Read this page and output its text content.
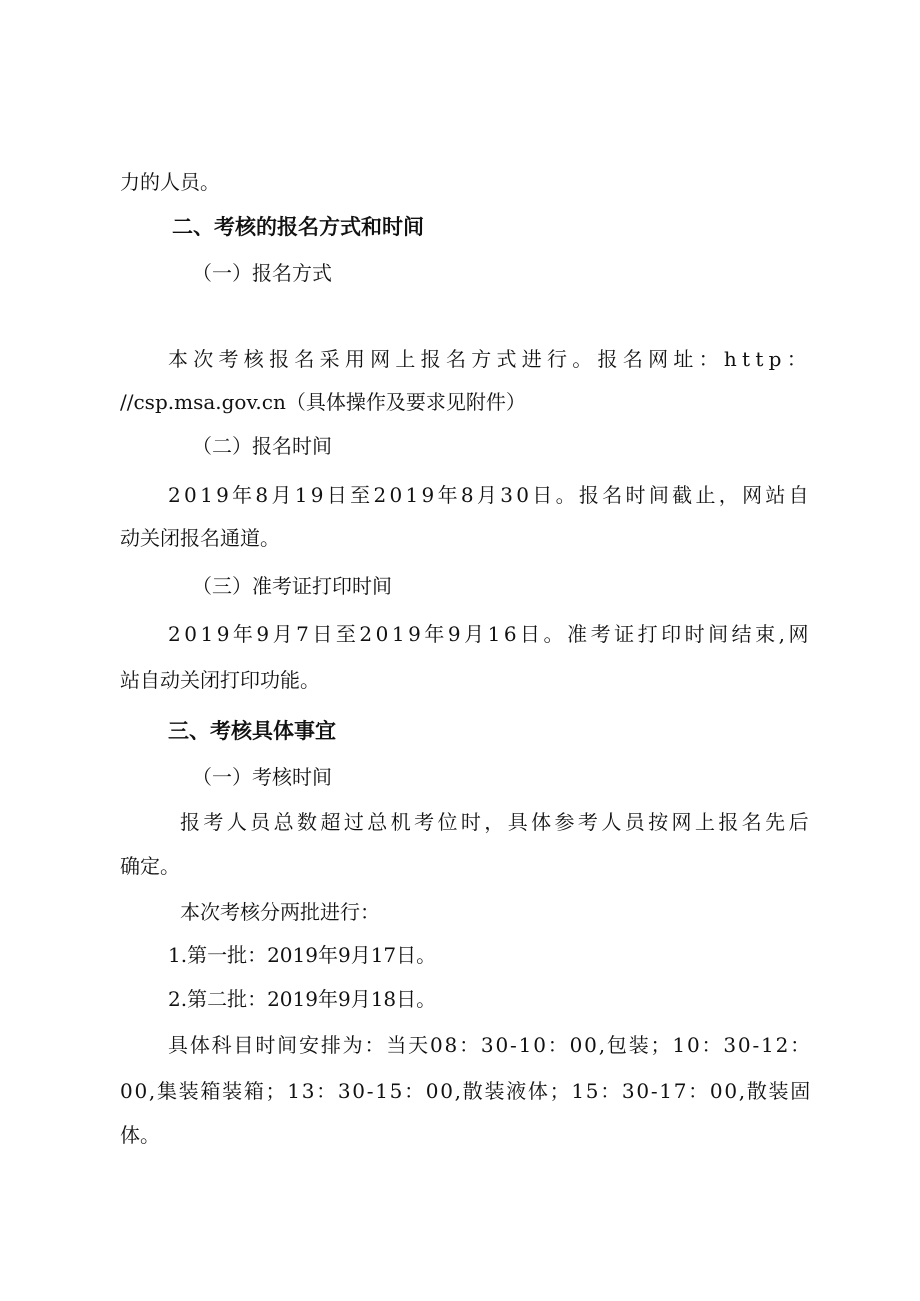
力的人员。

二、考核的报名方式和时间

（一）报名方式

本次考核报名采用网上报名方式进行。报名网址：http：

//csp.msa.gov.cn（具体操作及要求见附件）

（二）报名时间

2019年8月19日至2019年8月30日。报名时间截止，网站自

动关闭报名通道。

（三）准考证打印时间

2019年9月7日至2019年9月16日。准考证打印时间结束,网

站自动关闭打印功能。

三、考核具体事宜

（一）考核时间

报考人员总数超过总机考位时，具体参考人员按网上报名先后

确定。

本次考核分两批进行：

1.第一批：2019年9月17日。

2.第二批：2019年9月18日。

具体科目时间安排为：当天08：30-10：00,包装；10：30-12：

00,集装箱装箱；13：30-15：00,散装液体；15：30-17：00,散装固

体。
